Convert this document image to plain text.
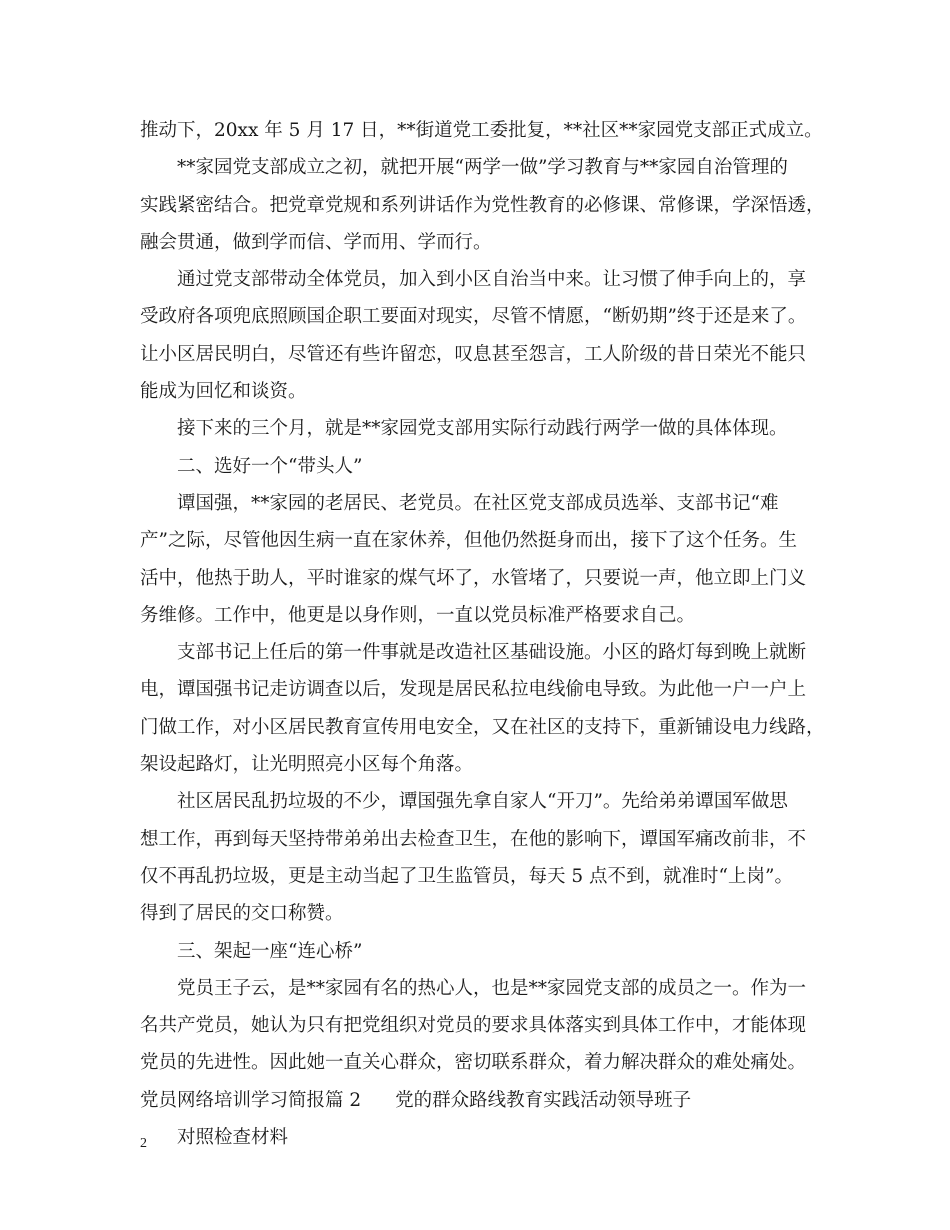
推动下，20xx 年 5 月 17 日，**街道党工委批复，**社区**家园党支部正式成立。
**家园党支部成立之初，就把开展“两学一做”学习教育与**家园自治管理的
实践紧密结合。把党章党规和系列讲话作为党性教育的必修课、常修课，学深悟透，
融会贯通，做到学而信、学而用、学而行。
通过党支部带动全体党员，加入到小区自治当中来。让习惯了伸手向上的，享
受政府各项兜底照顾国企职工要面对现实，尽管不情愿，“断奶期”终于还是来了。
让小区居民明白，尽管还有些许留恋，叹息甚至怨言，工人阶级的昔日荣光不能只
能成为回忆和谈资。
接下来的三个月，就是**家园党支部用实际行动践行两学一做的具体体现。
二、选好一个“带头人”
谭国强，**家园的老居民、老党员。在社区党支部成员选举、支部书记“难
产”之际，尽管他因生病一直在家休养，但他仍然挺身而出，接下了这个任务。生
活中，他热于助人，平时谁家的煤气坏了，水管堵了，只要说一声，他立即上门义
务维修。工作中，他更是以身作则，一直以党员标准严格要求自己。
支部书记上任后的第一件事就是改造社区基础设施。小区的路灯每到晚上就断
电，谭国强书记走访调查以后，发现是居民私拉电线偷电导致。为此他一户一户上
门做工作，对小区居民教育宣传用电安全，又在社区的支持下，重新铺设电力线路，
架设起路灯，让光明照亮小区每个角落。
社区居民乱扔垃圾的不少，谭国强先拿自家人“开刀”。先给弟弟谭国军做思
想工作，再到每天坚持带弟弟出去检查卫生，在他的影响下，谭国军痛改前非，不
仅不再乱扔垃圾，更是主动当起了卫生监管员，每天 5 点不到，就准时“上岗”。
得到了居民的交口称赞。
三、架起一座“连心桥”
党员王子云，是**家园有名的热心人，也是**家园党支部的成员之一。作为一
名共产党员，她认为只有把党组织对党员的要求具体落实到具体工作中，才能体现
党员的先进性。因此她一直关心群众，密切联系群众，着力解决群众的难处痛处。
党员网络培训学习简报篇 2 党的群众路线教育实践活动领导班子
对照检查材料
2
